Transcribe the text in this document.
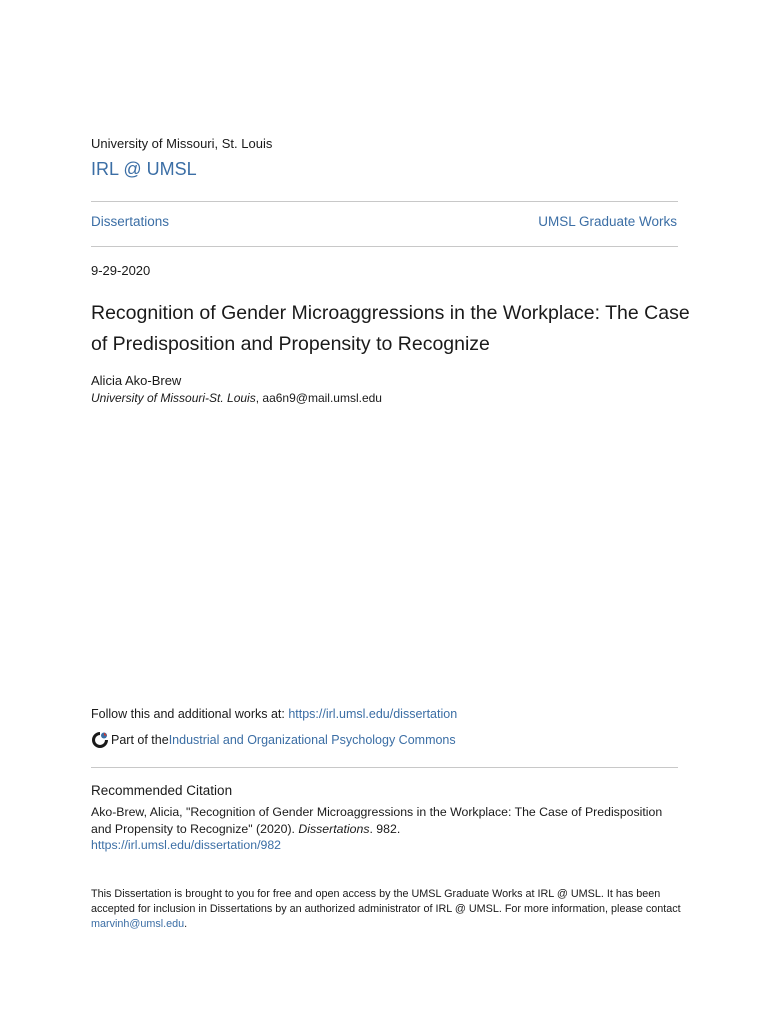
University of Missouri, St. Louis
IRL @ UMSL
Dissertations	UMSL Graduate Works
9-29-2020
Recognition of Gender Microaggressions in the Workplace: The Case of Predisposition and Propensity to Recognize
Alicia Ako-Brew
University of Missouri-St. Louis, aa6n9@mail.umsl.edu
Follow this and additional works at: https://irl.umsl.edu/dissertation
Part of the Industrial and Organizational Psychology Commons
Recommended Citation
Ako-Brew, Alicia, "Recognition of Gender Microaggressions in the Workplace: The Case of Predisposition and Propensity to Recognize" (2020). Dissertations. 982.
https://irl.umsl.edu/dissertation/982
This Dissertation is brought to you for free and open access by the UMSL Graduate Works at IRL @ UMSL. It has been accepted for inclusion in Dissertations by an authorized administrator of IRL @ UMSL. For more information, please contact marvinh@umsl.edu.
